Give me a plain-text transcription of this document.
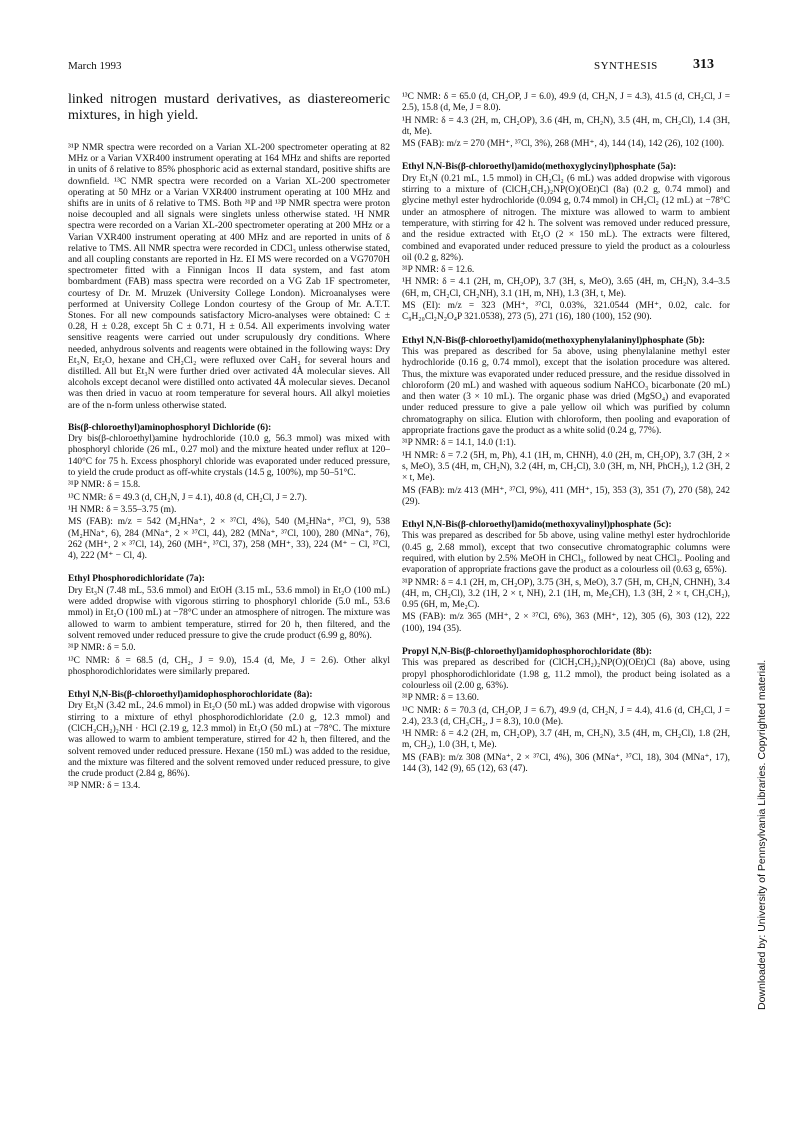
March 1993	SYNTHESIS	313
linked nitrogen mustard derivatives, as diastereomeric mixtures, in high yield.
³¹P NMR spectra were recorded on a Varian XL-200 spectrometer operating at 82 MHz or a Varian VXR400 instrument operating at 164 MHz and shifts are reported in units of δ relative to 85% phosphoric acid as external standard, positive shifts are downfield. ¹³C NMR spectra were recorded on a Varian XL-200 spectrometer operating at 50 MHz or a Varian VXR400 instrument operating at 100 MHz and shifts are in units of δ relative to TMS. Both ³¹P and ¹³P NMR spectra were proton noise decoupled and all signals were singlets unless otherwise stated. ¹H NMR spectra were recorded on a Varian XL-200 spectrometer operating at 200 MHz or a Varian VXR400 instrument operating at 400 MHz and are reported in units of δ relative to TMS. All NMR spectra were recorded in CDCl₃ unless otherwise stated, and all coupling constants are reported in Hz. EI MS were recorded on a VG7070H spectrometer fitted with a Finnigan Incos II data system, and fast atom bombardment (FAB) mass spectra were recorded on a VG Zab 1F spectrometer, courtesy of Dr. M. Mruzek (University College London). Microanalyses were performed at University College London courtesy of the Group of Mr. A.T.T. Stones. For all new compounds satisfactory Micro-analyses were obtained: C ± 0.28, H ± 0.28, except 5h C ± 0.71, H ± 0.54. All experiments involving water sensitive reagents were carried out under scrupulously dry conditions. Where needed, anhydrous solvents and reagents were obtained in the following ways: Dry Et₃N, Et₂O, hexane and CH₂Cl₂ were refluxed over CaH₂ for several hours and distilled. All but Et₃N were further dried over activated 4Å molecular sieves. All alcohols except decanol were distilled onto activated 4Å molecular sieves. Decanol was then dried in vacuo at room temperature for several hours. All alkyl moieties are of the n-form unless otherwise stated.
Bis(β-chloroethyl)aminophosphoryl Dichloride (6):
Dry bis(β-chloroethyl)amine hydrochloride (10.0 g, 56.3 mmol) was mixed with phosphoryl chloride (26 mL, 0.27 mol) and the mixture heated under reflux at 120–140°C for 75 h. Excess phosphoryl chloride was evaporated under reduced pressure, to yield the crude product as off-white crystals (14.5 g, 100%), mp 50–51°C.
³¹P NMR: δ = 15.8.
¹³C NMR: δ = 49.3 (d, CH₂N, J = 4.1), 40.8 (d, CH₂Cl, J = 2.7).
¹H NMR: δ = 3.55–3.75 (m).
MS (FAB): m/z = 542 (M₂HNa⁺, 2 × ³⁷Cl, 4%), 540 (M₂HNa⁺, ³⁷Cl, 9), 538 (M₂HNa⁺, 6), 284 (MNa⁺, 2 × ³⁷Cl, 44), 282 (MNa⁺, ³⁷Cl, 100), 280 (MNa⁺, 76), 262 (MH⁺, 2 × ³⁷Cl, 14), 260 (MH⁺, ³⁷Cl, 37), 258 (MH⁺, 33), 224 (M⁺ − Cl, ³⁷Cl, 4), 222 (M⁺ − Cl, 4).
Ethyl Phosphorodichloridate (7a):
Dry Et₃N (7.48 mL, 53.6 mmol) and EtOH (3.15 mL, 53.6 mmol) in Et₂O (100 mL) were added dropwise with vigorous stirring to phosphoryl chloride (5.0 mL, 53.6 mmol) in Et₂O (100 mL) at −78°C under an atmosphere of nitrogen. The mixture was allowed to warm to ambient temperature, stirred for 20 h, then filtered, and the solvent removed under reduced pressure to give the crude product (6.99 g, 80%).
³¹P NMR: δ = 5.0.
¹³C NMR: δ = 68.5 (d, CH₂, J = 9.0), 15.4 (d, Me, J = 2.6). Other alkyl phosphorodichloridates were similarly prepared.
Ethyl N,N-Bis(β-chloroethyl)amidophosphorochloridate (8a):
Dry Et₃N (3.42 mL, 24.6 mmol) in Et₂O (50 mL) was added dropwise with vigorous stirring to a mixture of ethyl phosphorodichloridate (2.0 g, 12.3 mmol) and (ClCH₂CH₂)₂NH · HCl (2.19 g, 12.3 mmol) in Et₂O (50 mL) at −78°C. The mixture was allowed to warm to ambient temperature, stirred for 42 h, then filtered, and the solvent removed under reduced pressure. Hexane (150 mL) was added to the residue, and the mixture was filtered and the solvent removed under reduced pressure, to give the crude product (2.84 g, 86%).
³¹P NMR: δ = 13.4.
¹³C NMR: δ = 65.0 (d, CH₂OP, J = 6.0), 49.9 (d, CH₂N, J = 4.3), 41.5 (d, CH₂Cl, J = 2.5), 15.8 (d, Me, J = 8.0).
¹H NMR: δ = 4.3 (2H, m, CH₂OP), 3.6 (4H, m, CH₂N), 3.5 (4H, m, CH₂Cl), 1.4 (3H, dt, Me).
MS (FAB): m/z = 270 (MH⁺, ³⁷Cl, 3%), 268 (MH⁺, 4), 144 (14), 142 (26), 102 (100).
Ethyl N,N-Bis(β-chloroethyl)amido(methoxyglycinyl)phosphate (5a):
Dry Et₃N (0.21 mL, 1.5 mmol) in CH₂Cl₂ (6 mL) was added dropwise with vigorous stirring to a mixture of (ClCH₂CH₂)₂NP(O)(OEt)Cl (8a) (0.2 g, 0.74 mmol) and glycine methyl ester hydrochloride (0.094 g, 0.74 mmol) in CH₂Cl₂ (12 mL) at −78°C under an atmosphere of nitrogen. The mixture was allowed to warm to ambient temperature, with stirring for 42 h. The solvent was removed under reduced pressure, and the residue extracted with Et₂O (2 × 150 mL). The extracts were filtered, combined and evaporated under reduced pressure to yield the product as a colourless oil (0.2 g, 82%).
³¹P NMR: δ = 12.6.
¹H NMR: δ = 4.1 (2H, m, CH₂OP), 3.7 (3H, s, MeO), 3.65 (4H, m, CH₂N), 3.4–3.5 (6H, m, CH₂Cl, CH₂NH), 3.1 (1H, m, NH), 1.3 (3H, t, Me).
MS (EI): m/z = 323 (MH⁺, ³⁷Cl, 0.03%, 321.0544 (MH⁺, 0.02, calc. for C₉H₂₀Cl₂N₂O₄P 321.0538), 273 (5), 271 (16), 180 (100), 152 (90).
Ethyl N,N-Bis(β-chloroethyl)amido(methoxyphenylalaninyl)phosphate (5b):
This was prepared as described for 5a above, using phenylalanine methyl ester hydrochloride (0.16 g, 0.74 mmol), except that the isolation procedure was altered. Thus, the mixture was evaporated under reduced pressure, and the residue dissolved in chloroform (20 mL) and washed with aqueous sodium NaHCO₃ bicarbonate (20 mL) and then water (3 × 10 mL). The organic phase was dried (MgSO₄) and evaporated under reduced pressure to give a pale yellow oil which was purified by column chromatography on silica. Elution with chloroform, then pooling and evaporation of appropriate fractions gave the product as a white solid (0.24 g, 77%).
³¹P NMR: δ = 14.1, 14.0 (1:1).
¹H NMR: δ = 7.2 (5H, m, Ph), 4.1 (1H, m, CHNH), 4.0 (2H, m, CH₂OP), 3.7 (3H, 2 × s, MeO), 3.5 (4H, m, CH₂N), 3.2 (4H, m, CH₂Cl), 3.0 (3H, m, NH, PhCH₂), 1.2 (3H, 2 × t, Me).
MS (FAB): m/z 413 (MH⁺, ³⁷Cl, 9%), 411 (MH⁺, 15), 353 (3), 351 (7), 270 (58), 242 (29).
Ethyl N,N-Bis(β-chloroethyl)amido(methoxyvalinyl)phosphate (5c):
This was prepared as described for 5b above, using valine methyl ester hydrochloride (0.45 g, 2.68 mmol), except that two consecutive chromatographic columns were required, with elution by 2.5% MeOH in CHCl₃, followed by neat CHCl₃. Pooling and evaporation of appropriate fractions gave the product as a colourless oil (0.63 g, 65%).
³¹P NMR: δ = 4.1 (2H, m, CH₂OP), 3.75 (3H, s, MeO), 3.7 (5H, m, CH₂N, CHNH), 3.4 (4H, m, CH₂Cl), 3.2 (1H, 2 × t, NH), 2.1 (1H, m, Me₂CH), 1.3 (3H, 2 × t, CH₃CH₂), 0.95 (6H, m, Me₂C).
MS (FAB): m/z 365 (MH⁺, 2 × ³⁷Cl, 6%), 363 (MH⁺, 12), 305 (6), 303 (12), 222 (100), 194 (35).
Propyl N,N-Bis(β-chloroethyl)amidophosphorochloridate (8b):
This was prepared as described for (ClCH₂CH₂)₂NP(O)(OEt)Cl (8a) above, using propyl phosphorodichloridate (1.98 g, 11.2 mmol), the product being isolated as a colourless oil (2.00 g, 63%).
³¹P NMR: δ = 13.60.
¹³C NMR: δ = 70.3 (d, CH₂OP, J = 6.7), 49.9 (d, CH₂N, J = 4.4), 41.6 (d, CH₂Cl, J = 2.4), 23.3 (d, CH₃CH₂, J = 8.3), 10.0 (Me).
¹H NMR: δ = 4.2 (2H, m, CH₂OP), 3.7 (4H, m, CH₂N), 3.5 (4H, m, CH₂Cl), 1.8 (2H, m, CH₂), 1.0 (3H, t, Me).
MS (FAB): m/z 308 (MNa⁺, 2 × ³⁷Cl, 4%), 306 (MNa⁺, ³⁷Cl, 18), 304 (MNa⁺, 17), 144 (3), 142 (9), 65 (12), 63 (47).	Downloaded by: University of Pennsylvania Libraries. Copyrighted material.
